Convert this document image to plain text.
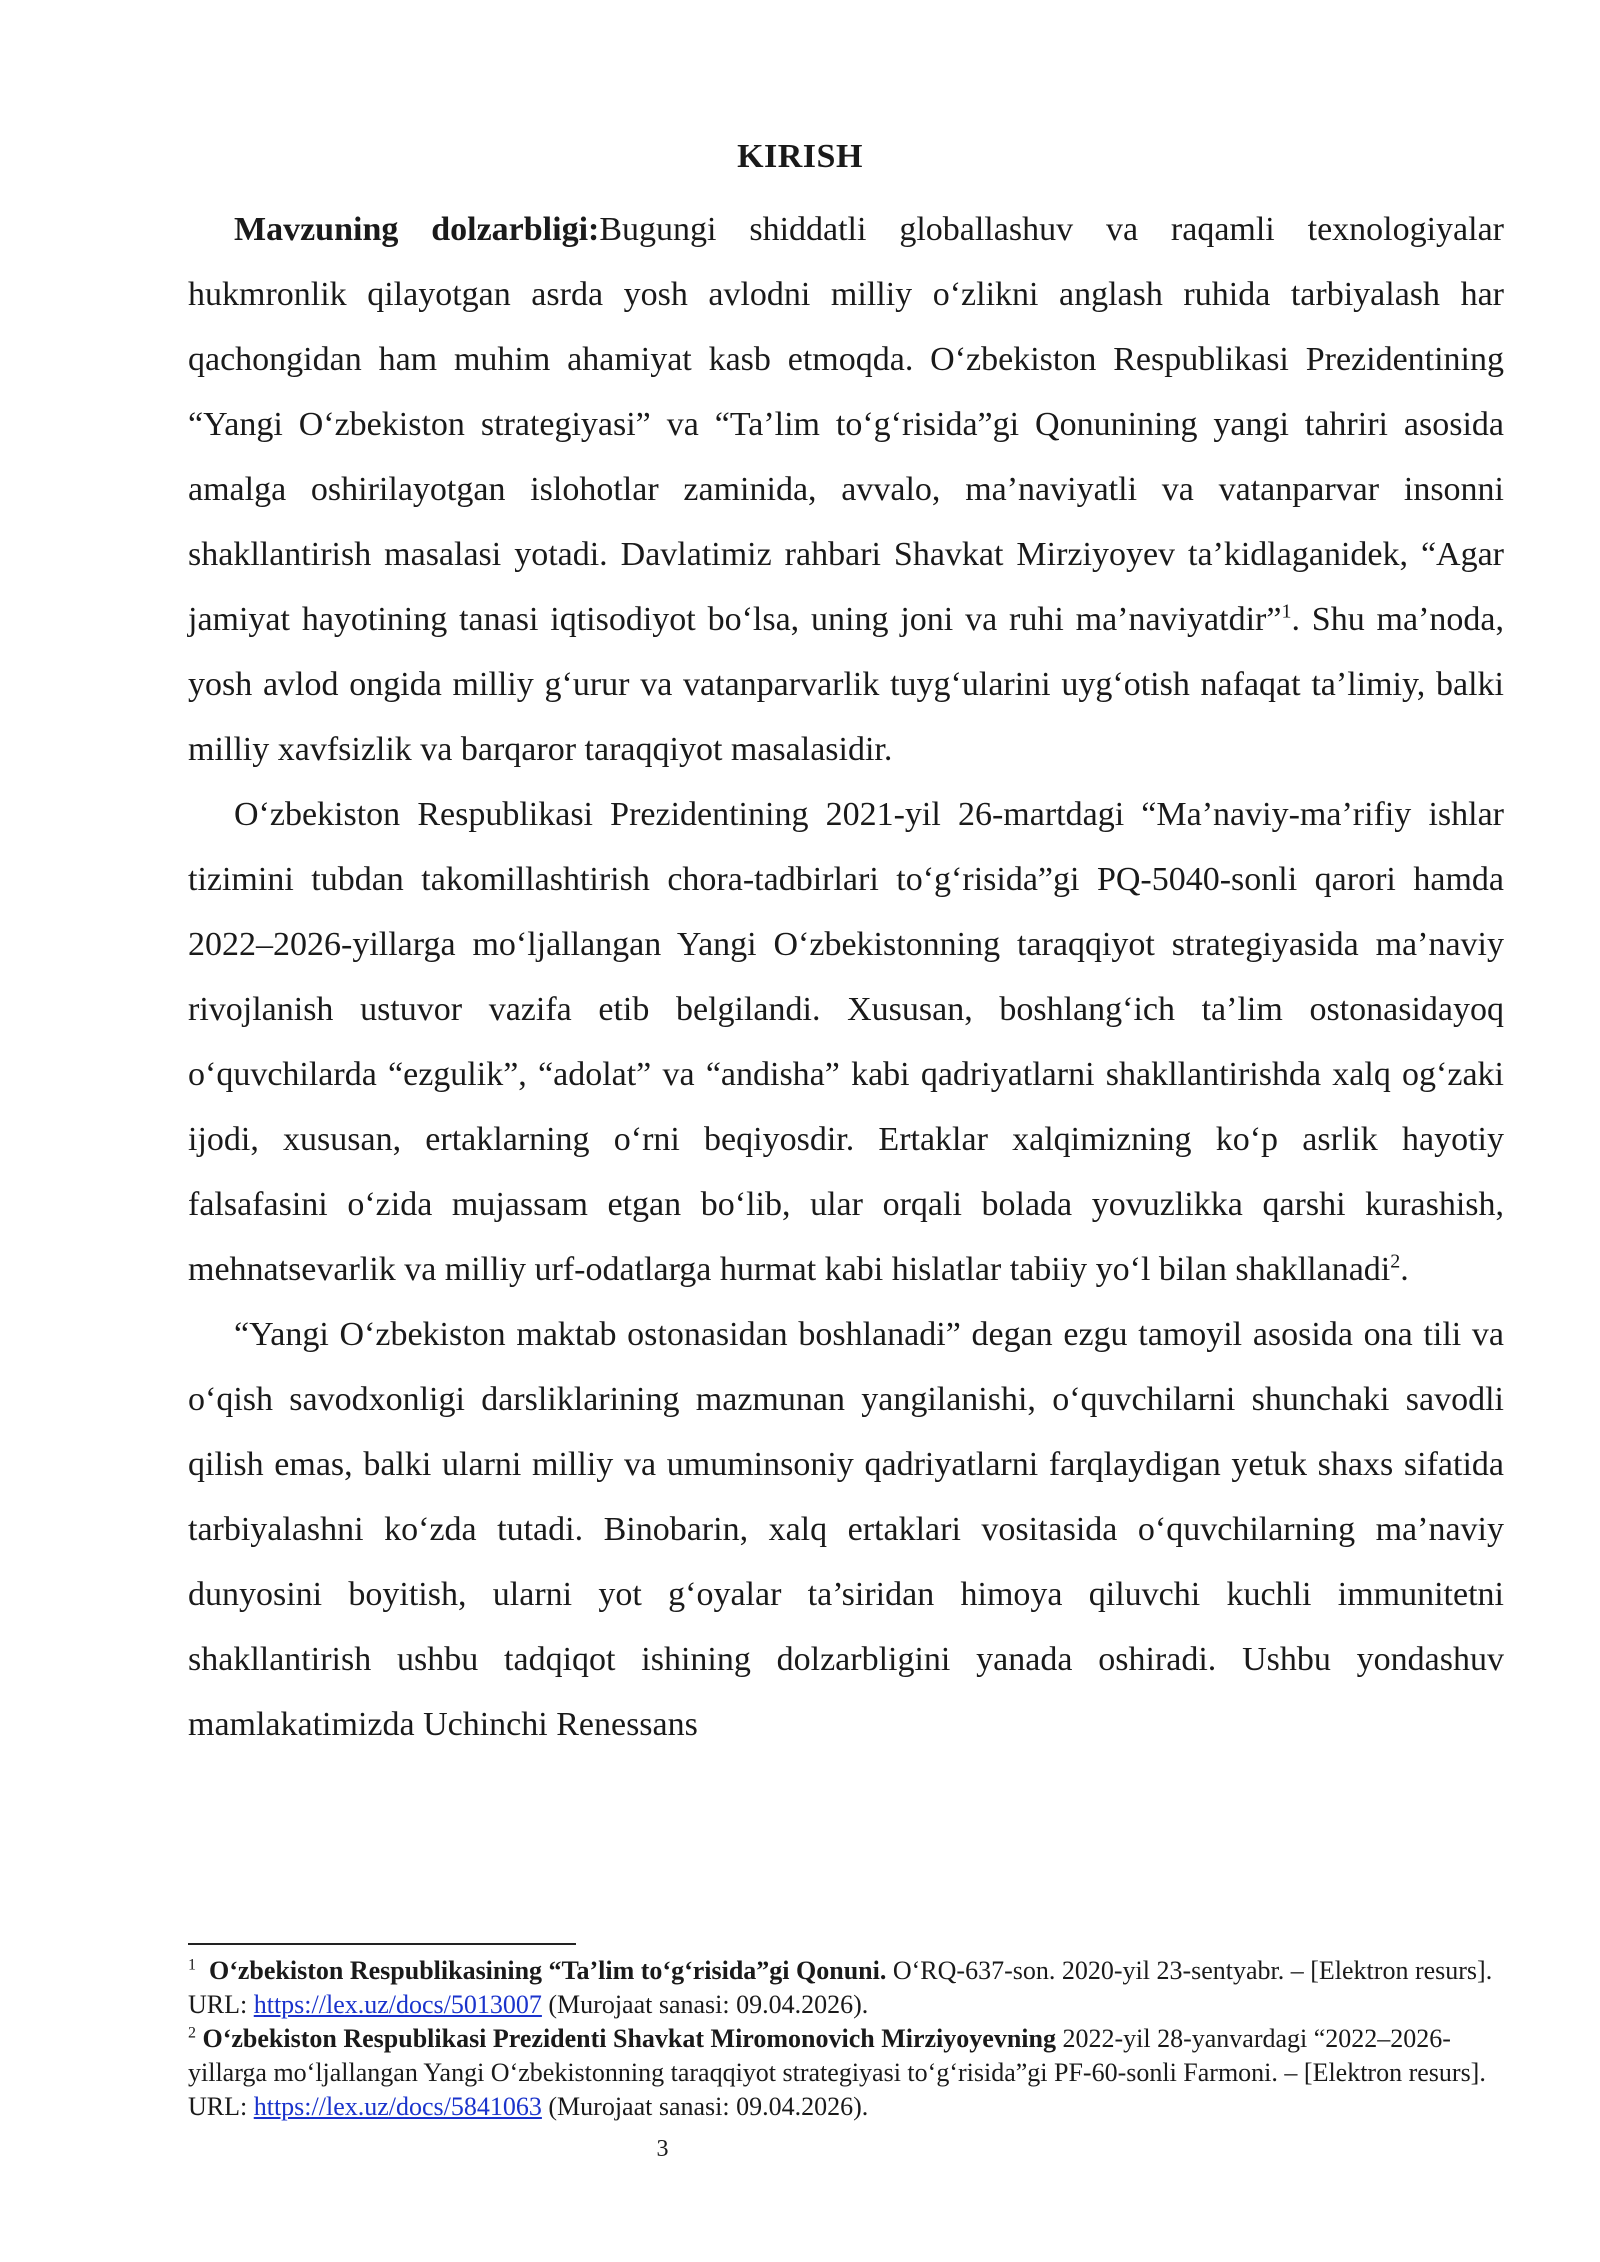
KIRISH

Mavzuning dolzarbligi:Bugungi shiddatli globallashuv va raqamli texnologiyalar hukmronlik qilayotgan asrda yosh avlodni milliy o‘zlikni anglash ruhida tarbiyalash har qachongidan ham muhim ahamiyat kasb etmoqda. O‘zbekiston Respublikasi Prezidentining “Yangi O‘zbekiston strategiyasi” va “Ta’lim to‘g‘risida”gi Qonunining yangi tahriri asosida amalga oshirilayotgan islohotlar zaminida, avvalo, ma’naviyatli va vatanparvar insonni shakllantirish masalasi yotadi. Davlatimiz rahbari Shavkat Mirziyoyev ta’kidlaganidek, “Agar jamiyat hayotining tanasi iqtisodiyot bo‘lsa, uning joni va ruhi ma’naviyatdir”$^1$. Shu ma’noda, yosh avlod ongida milliy g‘urur va vatanparvarlik tuyg‘ularini uyg‘otish nafaqat ta’limiy, balki milliy xavfsizlik va barqaror taraqqiyot masalasidir.

O‘zbekiston Respublikasi Prezidentining 2021-yil 26-martdagi “Ma’naviy-ma’rifiy ishlar tizimini tubdan takomillashtirish chora-tadbirlari to‘g‘risida”gi PQ-5040-sonli qarori hamda 2022–2026-yillarga mo‘ljallangan Yangi O‘zbekistonning taraqqiyot strategiyasida ma’naviy rivojlanish ustuvor vazifa etib belgilandi. Xususan, boshlang‘ich ta’lim ostonasidayoq o‘quvchilarda “ezgulik”, “adolat” va “andisha” kabi qadriyatlarni shakllantirishda xalq og‘zaki ijodi, xususan, ertaklarning o‘rni beqiyosdir. Ertaklar xalqimizning ko‘p asrlik hayotiy falsafasini o‘zida mujassam etgan bo‘lib, ular orqali bolada yovuzlikka qarshi kurashish, mehnatsevarlik va milliy urf-odatlarga hurmat kabi hislatlar tabiiy yo‘l bilan shakllanadi$^2$.

“Yangi O‘zbekiston maktab ostonasidan boshlanadi” degan ezgu tamoyil asosida ona tili va o‘qish savodxonligi darsliklarining mazmunan yangilanishi, o‘quvchilarni shunchaki savodli qilish emas, balki ularni milliy va umuminsoniy qadriyatlarni farqlaydigan yetuk shaxs sifatida tarbiyalashni ko‘zda tutadi. Binobarin, xalq ertaklari vositasida o‘quvchilarning ma’naviy dunyosini boyitish, ularni yot g‘oyalar ta’siridan himoya qiluvchi kuchli immunitetni shakllantirish ushbu tadqiqot ishining dolzarbligini yanada oshiradi. Ushbu yondashuv mamlakatimizda Uchinchi Renessans

$^1$ O‘zbekiston Respublikasining “Ta’lim to‘g‘risida”gi Qonuni. O‘RQ-637-son. 2020-yil 23-sentyabr. – [Elektron resurs]. URL: https://lex.uz/docs/5013007 (Murojaat sanasi: 09.04.2026).

$^2$ O‘zbekiston Respublikasi Prezidenti Shavkat Miromonovich Mirziyoyevning 2022-yil 28-yanvardagi “2022–2026-yillarga mo‘ljallangan Yangi O‘zbekistonning taraqqiyot strategiyasi to‘g‘risida”gi PF-60-sonli Farmoni. – [Elektron resurs]. URL: https://lex.uz/docs/5841063 (Murojaat sanasi: 09.04.2026).

3
